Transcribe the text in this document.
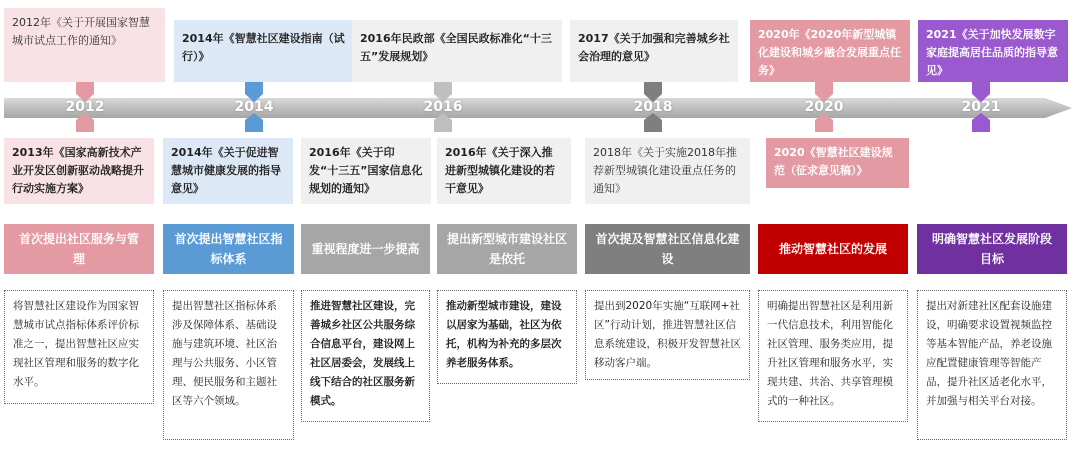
2012年《关于开展国家智慧城市试点工作的通知》	2014年《智慧社区建设指南（试行）》
2016年民政部《全国民政标准化“十三五”发展规划》
2017《关于加强和完善城乡社会治理的意见》
2020年《2020年新型城镇化建设和城乡融合发展重点任务》
2021《关于加快发展数字家庭提高居住品质的指导意见》
2012	2014	2016	2018	2020	2021
2013年《国家高新技术产业开发区创新驱动战略提升行动实施方案》
2014年《关于促进智慧城市健康发展的指导意见》
2016年《关于印发“十三五”国家信息化规划的通知》
2016年《关于深入推进新型城镇化建设的若干意见》
2018年《关于实施2018年推荐新型城镇化建设重点任务的通知》
2020《智慧社区建设规范（征求意见稿）》
首次提出社区服务与管理
首次提出智慧社区指标体系
重视程度进一步提高
提出新型城市建设社区是依托
首次提及智慧社区信息化建设
推动智慧社区的发展
明确智慧社区发展阶段目标
将智慧社区建设作为国家智慧城市试点指标体系评价标准之一，提出智慧社区应实现社区管理和服务的数字化水平。
提出智慧社区指标体系涉及保障体系、基础设施与建筑环境、社区治理与公共服务、小区管理、便民服务和主题社区等六个领域。
推进智慧社区建设，完善城乡社区公共服务综合信息平台，建设网上社区居委会，发展线上线下结合的社区服务新模式。
推动新型城市建设，建设以居家为基础，社区为依托，机构为补充的多层次养老服务体系。
提出到2020年实施“互联网+社区”行动计划，推进智慧社区信息系统建设，积极开发智慧社区移动客户端。
明确提出智慧社区是利用新一代信息技术，利用智能化社区管理、服务类应用，提升社区管理和服务水平，实现共建、共治、共享管理模式的一种社区。
提出对新建社区配套设施建设，明确要求设置视频监控等基本智能产品，养老设施应配置健康管理等智能产品，提升社区适老化水平，并加强与相关平台对接。
